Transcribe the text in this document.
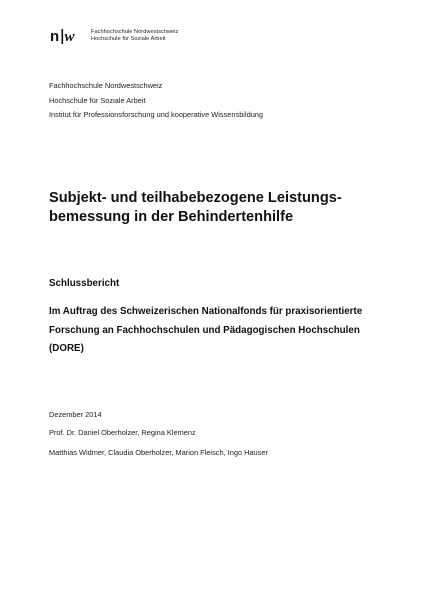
n w	Fachhochschule Nordwestschweiz
Hochschule für Soziale Arbeit
Fachhochschule Nordwestschweiz
Hochschule für Soziale Arbeit
Institut für Professionsforschung und kooperative Wissensbildung
Subjekt- und teilhabebezogene Leistungs-
bemessung in der Behindertenhilfe
Schlussbericht
Im Auftrag des Schweizerischen Nationalfonds für praxisorientierte
Forschung an Fachhochschulen und Pädagogischen Hochschulen
(DORE)
Dezember 2014
Prof. Dr. Daniel Oberholzer, Regina Klemenz
Matthias Widmer, Claudia Oberholzer, Marion Fleisch, Ingo Hauser
